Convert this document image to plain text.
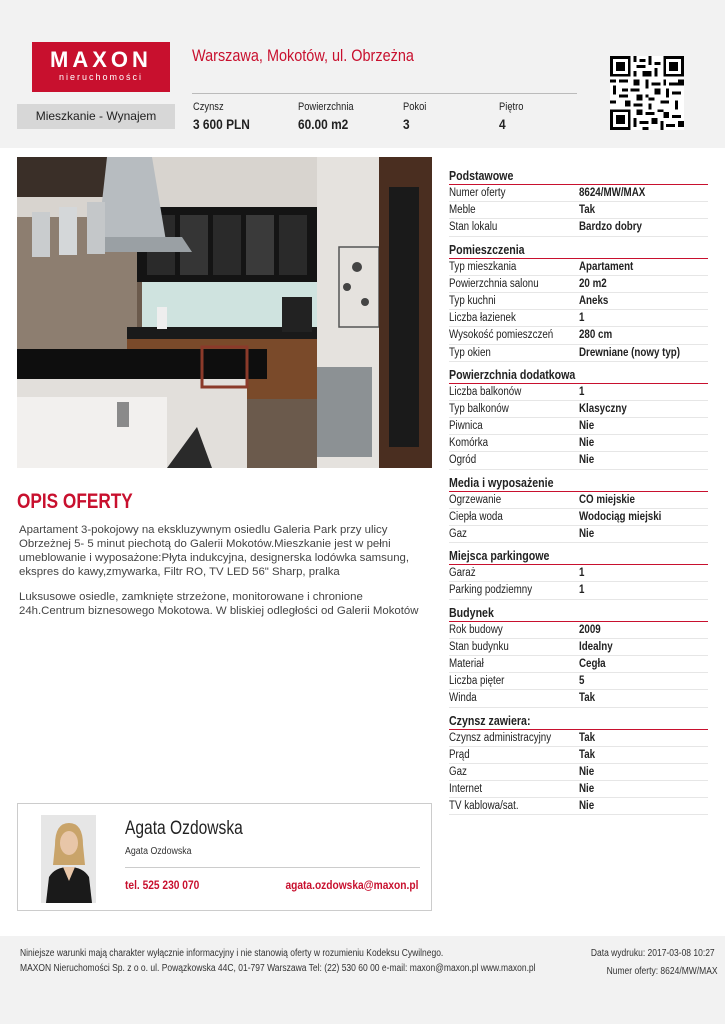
MAXON
nieruchomości
Warszawa, Mokotów, ul. Obrzeżna
Mieszkanie - Wynajem
Czynsz
3 600 PLN
Powierzchnia
60.00 m2
Pokoi
3
Piętro
4
OPIS OFERTY

Apartament 3-pokojowy na ekskluzywnym osiedlu Galeria Park przy ulicy Obrzeżnej 5- 5 minut piechotą do Galerii Mokotów.Mieszkanie jest w pełni umeblowanie i wyposażone:Płyta indukcyjna, designerska lodówka samsung, ekspres do kawy,zmywarka, Filtr RO, TV LED 56" Sharp, pralka

Luksusowe osiedle, zamknięte strzeżone, monitorowane i chronione 24h.Centrum biznesowego Mokotowa. W bliskiej odległości od Galerii Mokotów

Agata Ozdowska
Agata Ozdowska
tel. 525 230 070	agata.ozdowska@maxon.pl
Podstawowe
Numer oferty	8624/MW/MAX
Meble	Tak
Stan lokalu	Bardzo dobry
Pomieszczenia
Typ mieszkania	Apartament
Powierzchnia salonu	20 m2
Typ kuchni	Aneks
Liczba łazienek	1
Wysokość pomieszczeń 280 cm
Typ okien	Drewniane (nowy typ)
Powierzchnia dodatkowa
Liczba balkonów	1
Typ balkonów	Klasyczny
Piwnica	Nie
Komórka	Nie
Ogród	Nie
Media i wyposażenie
Ogrzewanie	CO miejskie
Ciepła woda	Wodociąg miejski
Gaz	Nie
Miejsca parkingowe
Garaż	1
Parking podziemny	1
Budynek
Rok budowy	2009
Stan budynku	Idealny
Materiał	Cegła
Liczba pięter	5
Winda	Tak
Czynsz zawiera:
Czynsz administracyjny Tak
Prąd	Tak
Gaz	Nie
Internet	Nie
TV kablowa/sat.	Nie
Niniejsze warunki mają charakter wyłącznie informacyjny i nie stanowią oferty w rozumieniu Kodeksu Cywilnego.
MAXON Nieruchomości Sp. z o o. ul. Powązkowska 44C, 01-797 Warszawa Tel: (22) 530 60 00 e-mail: maxon@maxon.pl www.maxon.pl
Data wydruku: 2017-03-08 10:27
Numer oferty: 8624/MW/MAX
